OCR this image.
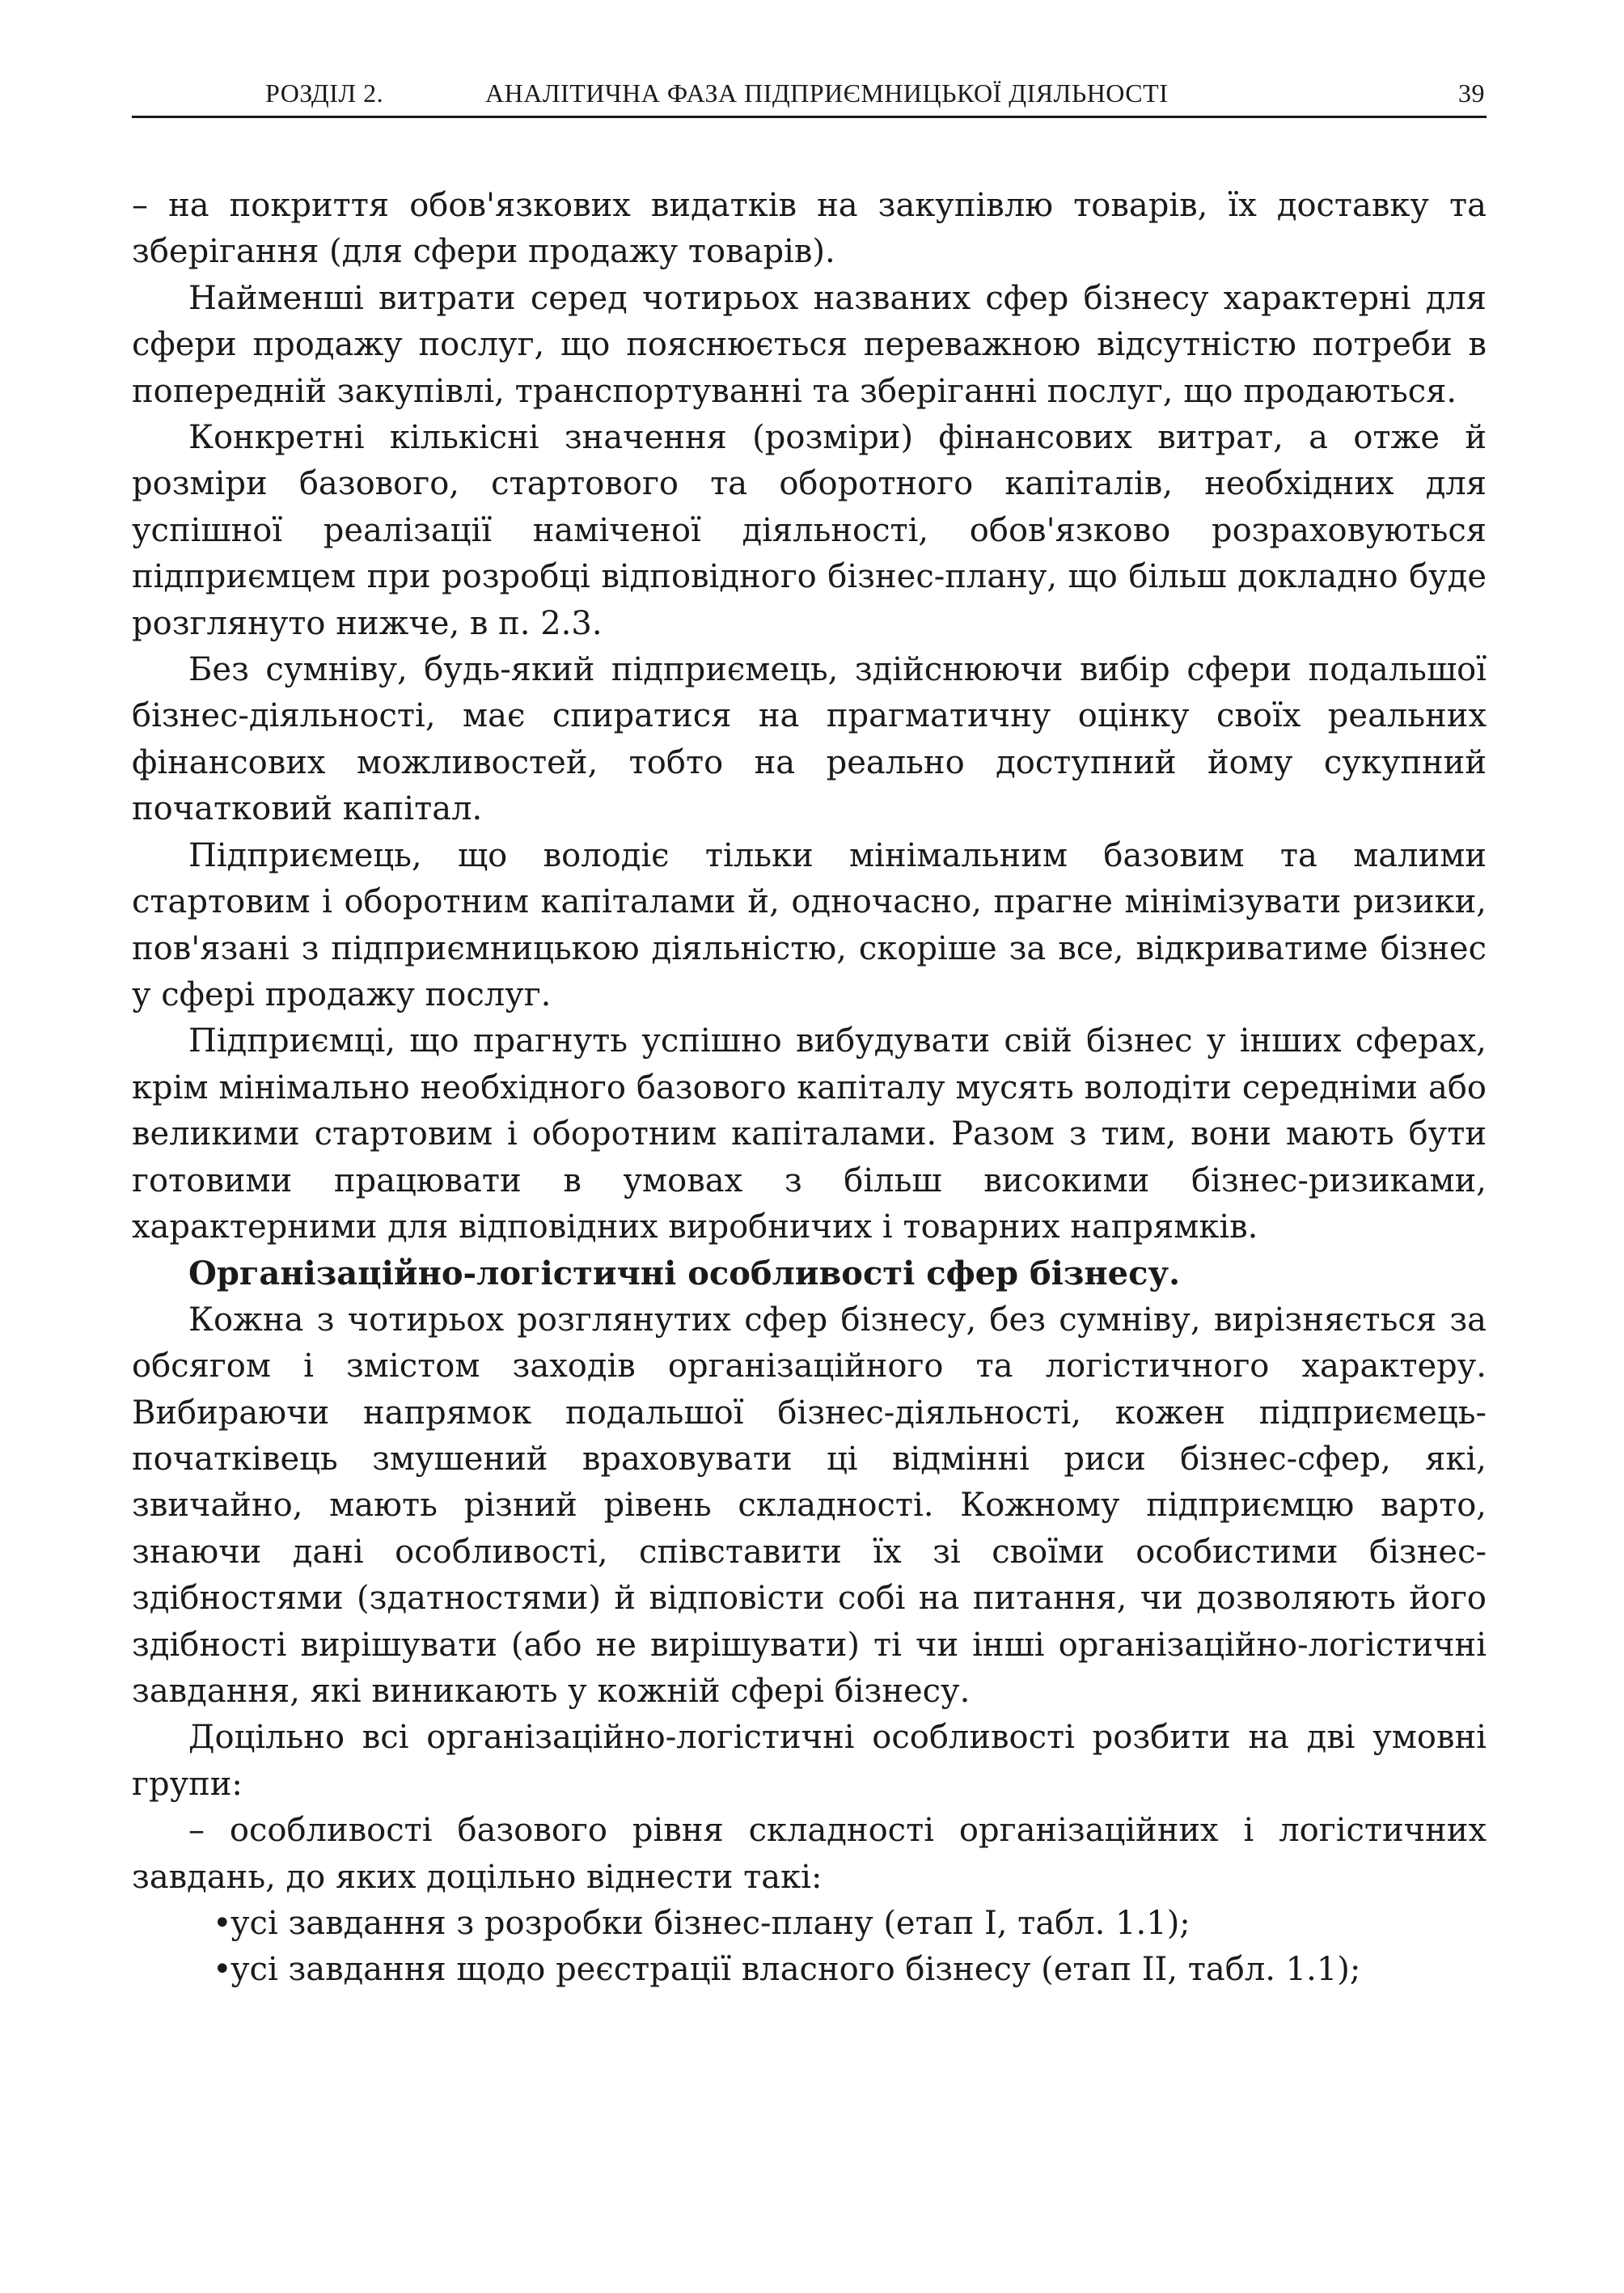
РОЗДІЛ 2.	АНАЛІТИЧНА ФАЗА ПІДПРИЄМНИЦЬКОЇ ДІЯЛЬНОСТІ	39

– на покриття обов'язкових видатків на закупівлю товарів, їх доставку та зберігання (для сфери продажу товарів).

Найменші витрати серед чотирьох названих сфер бізнесу характерні для сфери продажу послуг, що пояснюється переважною відсутністю потреби в попередній закупівлі, транспортуванні та зберіганні послуг, що продаються.

Конкретні кількісні значення (розміри) фінансових витрат, а отже й розміри базового, стартового та оборотного капіталів, необхідних для успішної реалізації наміченої діяльності, обов'язково розраховуються підприємцем при розробці відповідного бізнес-плану, що більш докладно буде розглянуто нижче, в п. 2.3.

Без сумніву, будь-який підприємець, здійснюючи вибір сфери подальшої бізнес-діяльності, має спиратися на прагматичну оцінку своїх реальних фінансових можливостей, тобто на реально доступний йому сукупний початковий капітал.

Підприємець, що володіє тільки мінімальним базовим та малими стартовим і оборотним капіталами й, одночасно, прагне мінімізувати ризики, пов'язані з підприємницькою діяльністю, скоріше за все, відкриватиме бізнес у сфері продажу послуг.

Підприємці, що прагнуть успішно вибудувати свій бізнес у інших сферах, крім мінімально необхідного базового капіталу мусять володіти середніми або великими стартовим і оборотним капіталами. Разом з тим, вони мають бути готовими працювати в умовах з більш високими бізнес-ризиками, характерними для відповідних виробничих і товарних напрямків.

Організаційно-логістичні особливості сфер бізнесу.

Кожна з чотирьох розглянутих сфер бізнесу, без сумніву, вирізняється за обсягом і змістом заходів організаційного та логістичного характеру. Вибираючи напрямок подальшої бізнес-діяльності, кожен підприємець-початківець змушений враховувати ці відмінні риси бізнес-сфер, які, звичайно, мають різний рівень складності. Кожному підприємцю варто, знаючи дані особливості, співставити їх зі своїми особистими бізнес-здібностями (здатностями) й відповісти собі на питання, чи дозволяють його здібності вирішувати (або не вирішувати) ті чи інші організаційно-логістичні завдання, які виникають у кожній сфері бізнесу.

Доцільно всі організаційно-логістичні особливості розбити на дві умовні групи:

– особливості базового рівня складності організаційних і логістичних завдань, до яких доцільно віднести такі:

•
усі завдання з розробки бізнес-плану (етап І, табл. 1.1);
•
усі завдання щодо реєстрації власного бізнесу (етап ІІ, табл. 1.1);
